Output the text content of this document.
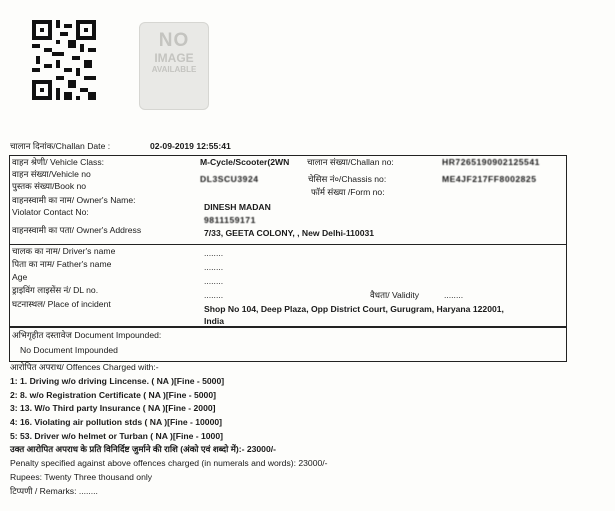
NO
IMAGE
AVAILABLE
चालान दिनांक/Challan Date :	02-09-2019 12:55:41
वाहन श्रेणी/ Vehicle Class:	M-Cycle/Scooter(2WN चालान संख्या/Challan no:	HR7265190902125541
वाहन संख्या/Vehicle no	DL3SCU3924	चेसिस नं०/Chassis no:	ME4JF217FF8002825
पुस्तक संख्या/Book no
फॉर्म संख्या /Form no:
वाहनस्वामी का नाम/ Owner's Name:
DINESH MADAN
Violator Contact No:
9811159171
वाहनस्वामी का पता/ Owner's Address	7/33, GEETA COLONY, , New Delhi-110031
चालक का नाम/ Driver's name	........
पिता का नाम/ Father's name	........
Age	........
ड्राइविंग लाइसेंस नं/ DL no.	........	वैधता/ Validity	........
घटनास्थल/ Place of incident	Shop No 104, Deep Plaza, Opp District Court, Gurugram, Haryana 122001,
India
अभिगृहीत दस्तावेज Document Impounded:
No Document Impounded
आरोपित अपराध/ Offences Charged with:-
1: 1. Driving w/o driving Lincense. ( NA )[Fine - 5000]
2: 8. w/o Registration Certificate ( NA )[Fine - 5000]
3: 13. W/o Third party Insurance ( NA )[Fine - 2000]
4: 16. Violating air pollution stds ( NA )[Fine - 10000]
5: 53. Driver w/o helmet or Turban ( NA )[Fine - 1000]
उक्त आरोपित अपराध के प्रति विनिर्दिष्ट जुर्माने की राशि (अंको एवं शब्दो में):- 23000/-
Penalty specified against above offences charged (in numerals and words): 23000/-
Rupees: Twenty Three thousand only
टिप्पणी / Remarks: ........
